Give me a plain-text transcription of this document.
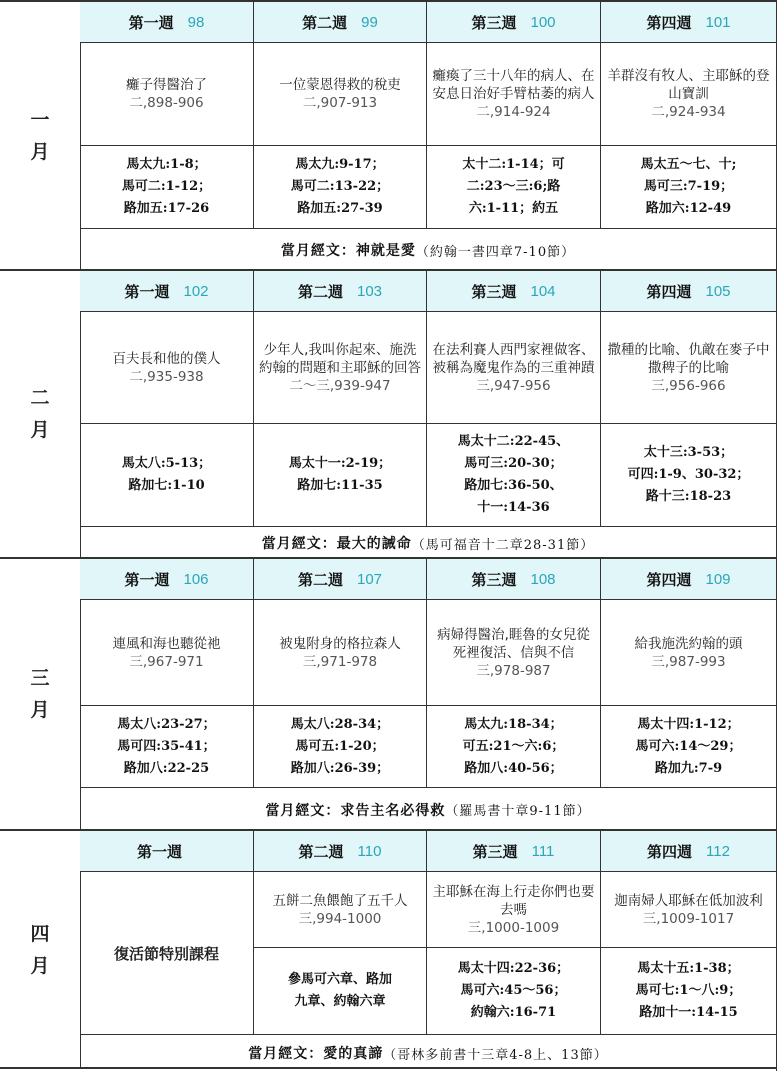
一月
第一週 98
癱子得醫治了
二,898-906
馬太九:1-8；
馬可二:1-12；
路加五:17-26
第二週 99
一位蒙恩得救的稅吏
二,907-913
馬太九:9-17；
馬可二:13-22；
路加五:27-39
第三週 100
癱瘓了三十八年的病人、在安息日治好手臂枯萎的病人
二,914-924
太十二:1-14；可
二:23～三:6;路
六:1-11；約五
第四週 101
羊群沒有牧人、主耶穌的登山寶訓
二,924-934
馬太五～七、十;
馬可三:7-19；
路加六:12-49
當月經文： 神就是愛 （約翰一書四章7-10節）
二月
第一週 102
百夫長和他的僕人
二,935-938
馬太八:5-13；
路加七:1-10
第二週 103
少年人,我叫你起來、施洗約翰的問題和主耶穌的回答
二～三,939-947
馬太十一:2-19；
路加七:11-35
第三週 104
在法利賽人西門家裡做客、被稱為魔鬼作為的三重神蹟
三,947-956
馬太十二:22-45、
馬可三:20-30；
路加七:36-50、
十一:14-36
第四週 105
撒種的比喻、仇敵在麥子中撒稗子的比喻
三,956-966
太十三:3-53；
可四:1-9、30-32；
路十三:18-23
當月經文： 最大的誡命 （馬可福音十二章28-31節）
三月
第一週 106
連風和海也聽從祂
三,967-971
馬太八:23-27；
馬可四:35-41；
路加八:22-25
第二週 107
被鬼附身的格拉森人
三,971-978
馬太八:28-34；
馬可五:1-20；
路加八:26-39；
第三週 108
病婦得醫治,睚魯的女兒從死裡復活、信與不信
三,978-987
馬太九:18-34；
可五:21～六:6；
路加八:40-56；
第四週 109
給我施洗約翰的頭
三,987-993
馬太十四:1-12；
馬可六:14～29；
路加九:7-9
當月經文： 求告主名必得救 （羅馬書十章9-11節）
四月
第一週
復活節特別課程
第二週 110
五餅二魚餵飽了五千人
三,994-1000
參馬可六章、路加
九章、約翰六章
第三週 111
主耶穌在海上行走你們也要去嗎
三,1000-1009
馬太十四:22-36；
馬可六:45～56；
約翰六:16-71
第四週 112
迦南婦人耶穌在低加波利
三,1009-1017
馬太十五:1-38；
馬可七:1～八:9；
路加十一:14-15
當月經文： 愛的真諦 （哥林多前書十三章4-8上、13節）
